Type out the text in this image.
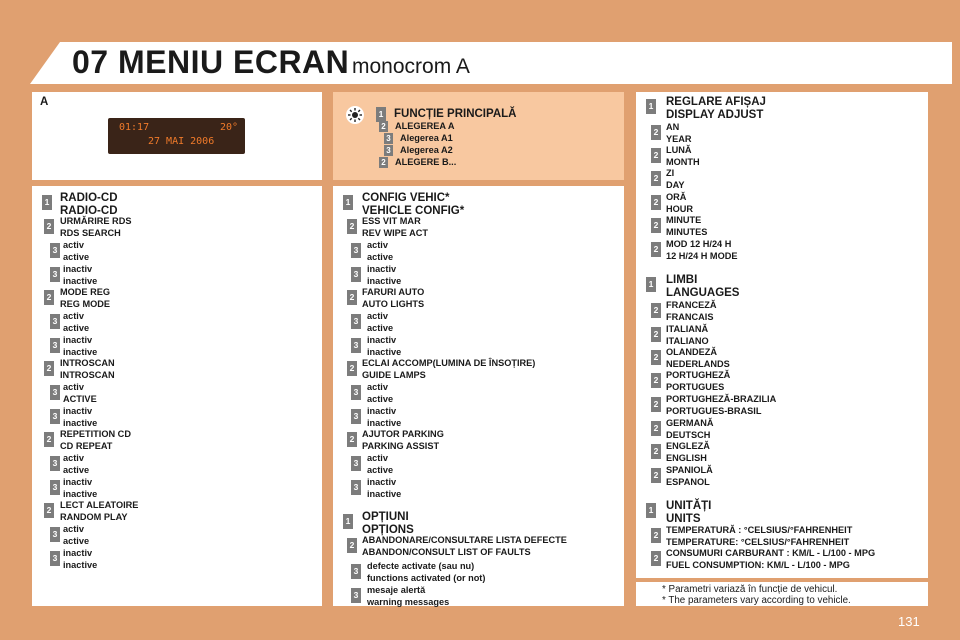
07 MENIU ECRAN monocrom A
A
01:17	20°
27 MAI 2006
1 FUNCȚIE PRINCIPALĂ
2 ALEGEREA A
3 Alegerea A1
3 Alegerea A2
2 ALEGERE B...
1 RADIO-CD
RADIO-CD
2 URMĂRIRE RDS
RDS SEARCH
3 activ
active
3 inactiv
inactive
2 MODE REG
REG MODE
3 activ
active
3 inactiv
inactive
2 INTROSCAN
INTROSCAN
3 activ
ACTIVE
3 inactiv
inactive
2 REPETITION CD
CD REPEAT
3 activ
active
3 inactiv
inactive
2 LECT ALEATOIRE
RANDOM PLAY
3 activ
active
3 inactiv
inactive
1 CONFIG VEHIC*
VEHICLE CONFIG*
2 ESS VIT MAR
REV WIPE ACT
3 activ
active
3 inactiv
inactive
2 FARURI AUTO
AUTO LIGHTS
3 activ
active
3 inactiv
inactive
2 ECLAI ACCOMP(LUMINA DE ÎNSOȚIRE)
GUIDE LAMPS
3 activ
active
3 inactiv
inactive
2 AJUTOR PARKING
PARKING ASSIST
3 activ
active
3 inactiv
inactive
1 OPȚIUNI
OPȚIONS
2 ABANDONARE/CONSULTARE LISTA DEFECTE
ABANDON/CONSULT LIST OF FAULTS
3 defecte activate (sau nu)
functions activated (or not)
3 mesaje alertă
warning messages
1 REGLARE AFIȘAJ
DISPLAY ADJUST
2 AN
YEAR
2 LUNĂ
MONTH
2 ZI
DAY
2 ORĂ
HOUR
2 MINUTE
MINUTES
2 MOD 12 H/24 H
12 H/24 H MODE
1 LIMBI
LANGUAGES
2 FRANCEZĂ
FRANCAIS
2 ITALIANĂ
ITALIANO
2 OLANDEZĂ
NEDERLANDS
2 PORTUGHEZĂ
PORTUGUES
2 PORTUGHEZĂ-BRAZILIA
PORTUGUES-BRASIL
2 GERMANĂ
DEUTSCH
2 ENGLEZĂ
ENGLISH
2 SPANIOLĂ
ESPANOL
1 UNITĂȚI
UNITS
2 TEMPERATURĂ : °CELSIUS/°FAHRENHEIT
TEMPERATURE: °CELSIUS/°FAHRENHEIT
2 CONSUMURI CARBURANT : KM/L - L/100 - MPG
FUEL CONSUMPTION: KM/L - L/100 - MPG
* Parametri variază în funcție de vehicul.
* The parameters vary according to vehicle.
131
